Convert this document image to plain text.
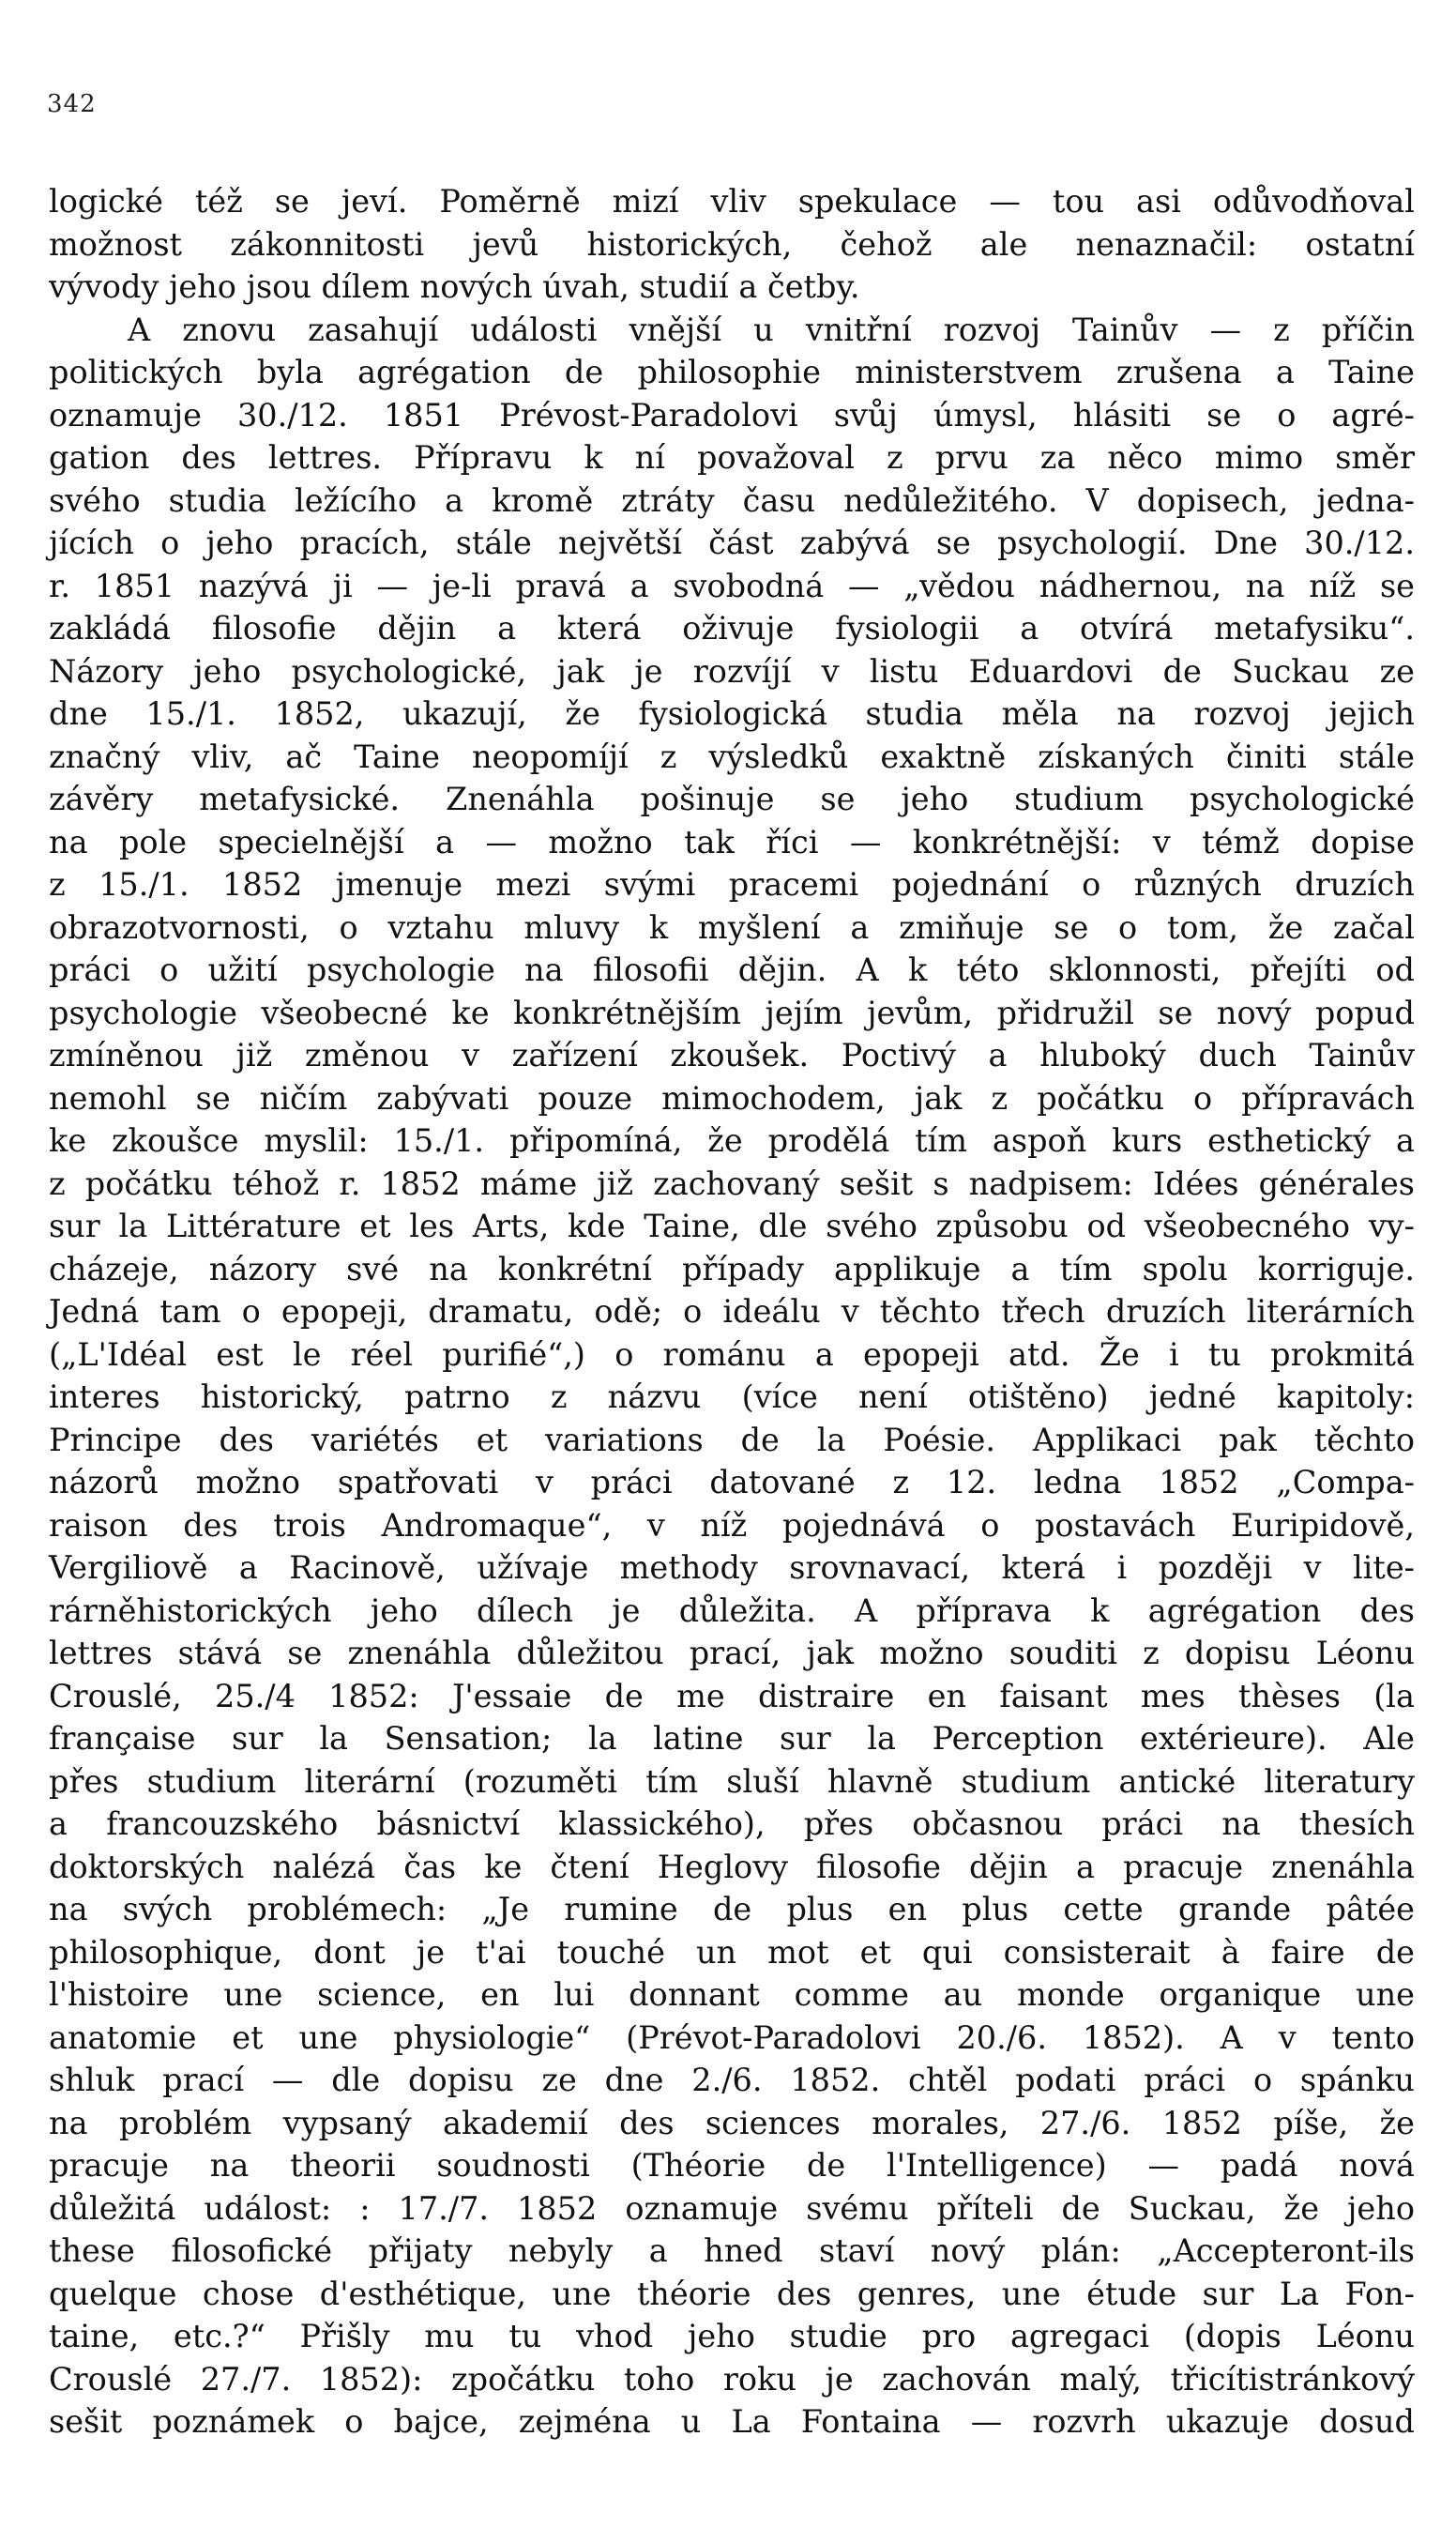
342
logické též se jeví. Poměrně mizí vliv spekulace — tou asi odůvodňoval
možnost zákonnitosti jevů historických, čehož ale nenaznačil: ostatní
vývody jeho jsou dílem nových úvah, studií a četby.
A znovu zasahují události vnější u vnitřní rozvoj Tainův — z příčin
politických byla agrégation de philosophie ministerstvem zrušena a Taine
oznamuje 30./12. 1851 Prévost-Paradolovi svůj úmysl, hlásiti se o agré-
gation des lettres. Přípravu k ní považoval z prvu za něco mimo směr
svého studia ležícího a kromě ztráty času nedůležitého. V dopisech, jedna-
jících o jeho pracích, stále největší část zabývá se psychologií. Dne 30./12.
r. 1851 nazývá ji — je-li pravá a svobodná — „vědou nádhernou, na níž se
zakládá filosofie dějin a která oživuje fysiologii a otvírá metafysiku“.
Názory jeho psychologické, jak je rozvíjí v listu Eduardovi de Suckau ze
dne 15./1. 1852, ukazují, že fysiologická studia měla na rozvoj jejich
značný vliv, ač Taine neopomíjí z výsledků exaktně získaných činiti stále
závěry metafysické. Znenáhla pošinuje se jeho studium psychologické
na pole specielnější a — možno tak říci — konkrétnější: v témž dopise
z 15./1. 1852 jmenuje mezi svými pracemi pojednání o různých druzích
obrazotvornosti, o vztahu mluvy k myšlení a zmiňuje se o tom, že začal
práci o užití psychologie na filosofii dějin. A k této sklonnosti, přejíti od
psychologie všeobecné ke konkrétnějším jejím jevům, přidružil se nový popud
zmíněnou již změnou v zařízení zkoušek. Poctivý a hluboký duch Tainův
nemohl se ničím zabývati pouze mimochodem, jak z počátku o přípravách
ke zkoušce myslil: 15./1. připomíná, že prodělá tím aspoň kurs esthetický a
z počátku téhož r. 1852 máme již zachovaný sešit s nadpisem: Idées générales
sur la Littérature et les Arts, kde Taine, dle svého způsobu od všeobecného vy-
cházeje, názory své na konkrétní případy applikuje a tím spolu korriguje.
Jedná tam o epopeji, dramatu, odě; o ideálu v těchto třech druzích literárních
(„L'Idéal est le réel purifié“,) o románu a epopeji atd. Že i tu prokmitá
interes historický, patrno z názvu (více není otištěno) jedné kapitoly:
Principe des variétés et variations de la Poésie. Applikaci pak těchto
názorů možno spatřovati v práci datované z 12. ledna 1852 „Compa-
raison des trois Andromaque“, v níž pojednává o postavách Euripidově,
Vergiliově a Racinově, užívaje methody srovnavací, která i později v lite-
rárněhistorických jeho dílech je důležita. A příprava k agrégation des
lettres stává se znenáhla důležitou prací, jak možno souditi z dopisu Léonu
Crouslé, 25./4 1852: J'essaie de me distraire en faisant mes thèses (la
française sur la Sensation; la latine sur la Perception extérieure). Ale
přes studium literární (rozuměti tím sluší hlavně studium antické literatury
a francouzského básnictví klassického), přes občasnou práci na thesích
doktorských nalézá čas ke čtení Heglovy filosofie dějin a pracuje znenáhla
na svých problémech: „Je rumine de plus en plus cette grande pâtée
philosophique, dont je t'ai touché un mot et qui consisterait à faire de
l'histoire une science, en lui donnant comme au monde organique une
anatomie et une physiologie“ (Prévot-Paradolovi 20./6. 1852). A v tento
shluk prací — dle dopisu ze dne 2./6. 1852. chtěl podati práci o spánku
na problém vypsaný akademií des sciences morales, 27./6. 1852 píše, že
pracuje na theorii soudnosti (Théorie de l'Intelligence) — padá nová
důležitá událost: : 17./7. 1852 oznamuje svému příteli de Suckau, že jeho
these filosofické přijaty nebyly a hned staví nový plán: „Accepteront-ils
quelque chose d'esthétique, une théorie des genres, une étude sur La Fon-
taine, etc.?“ Přišly mu tu vhod jeho studie pro agregaci (dopis Léonu
Crouslé 27./7. 1852): zpočátku toho roku je zachován malý, třicítistránkový
sešit poznámek o bajce, zejména u La Fontaina — rozvrh ukazuje dosud
